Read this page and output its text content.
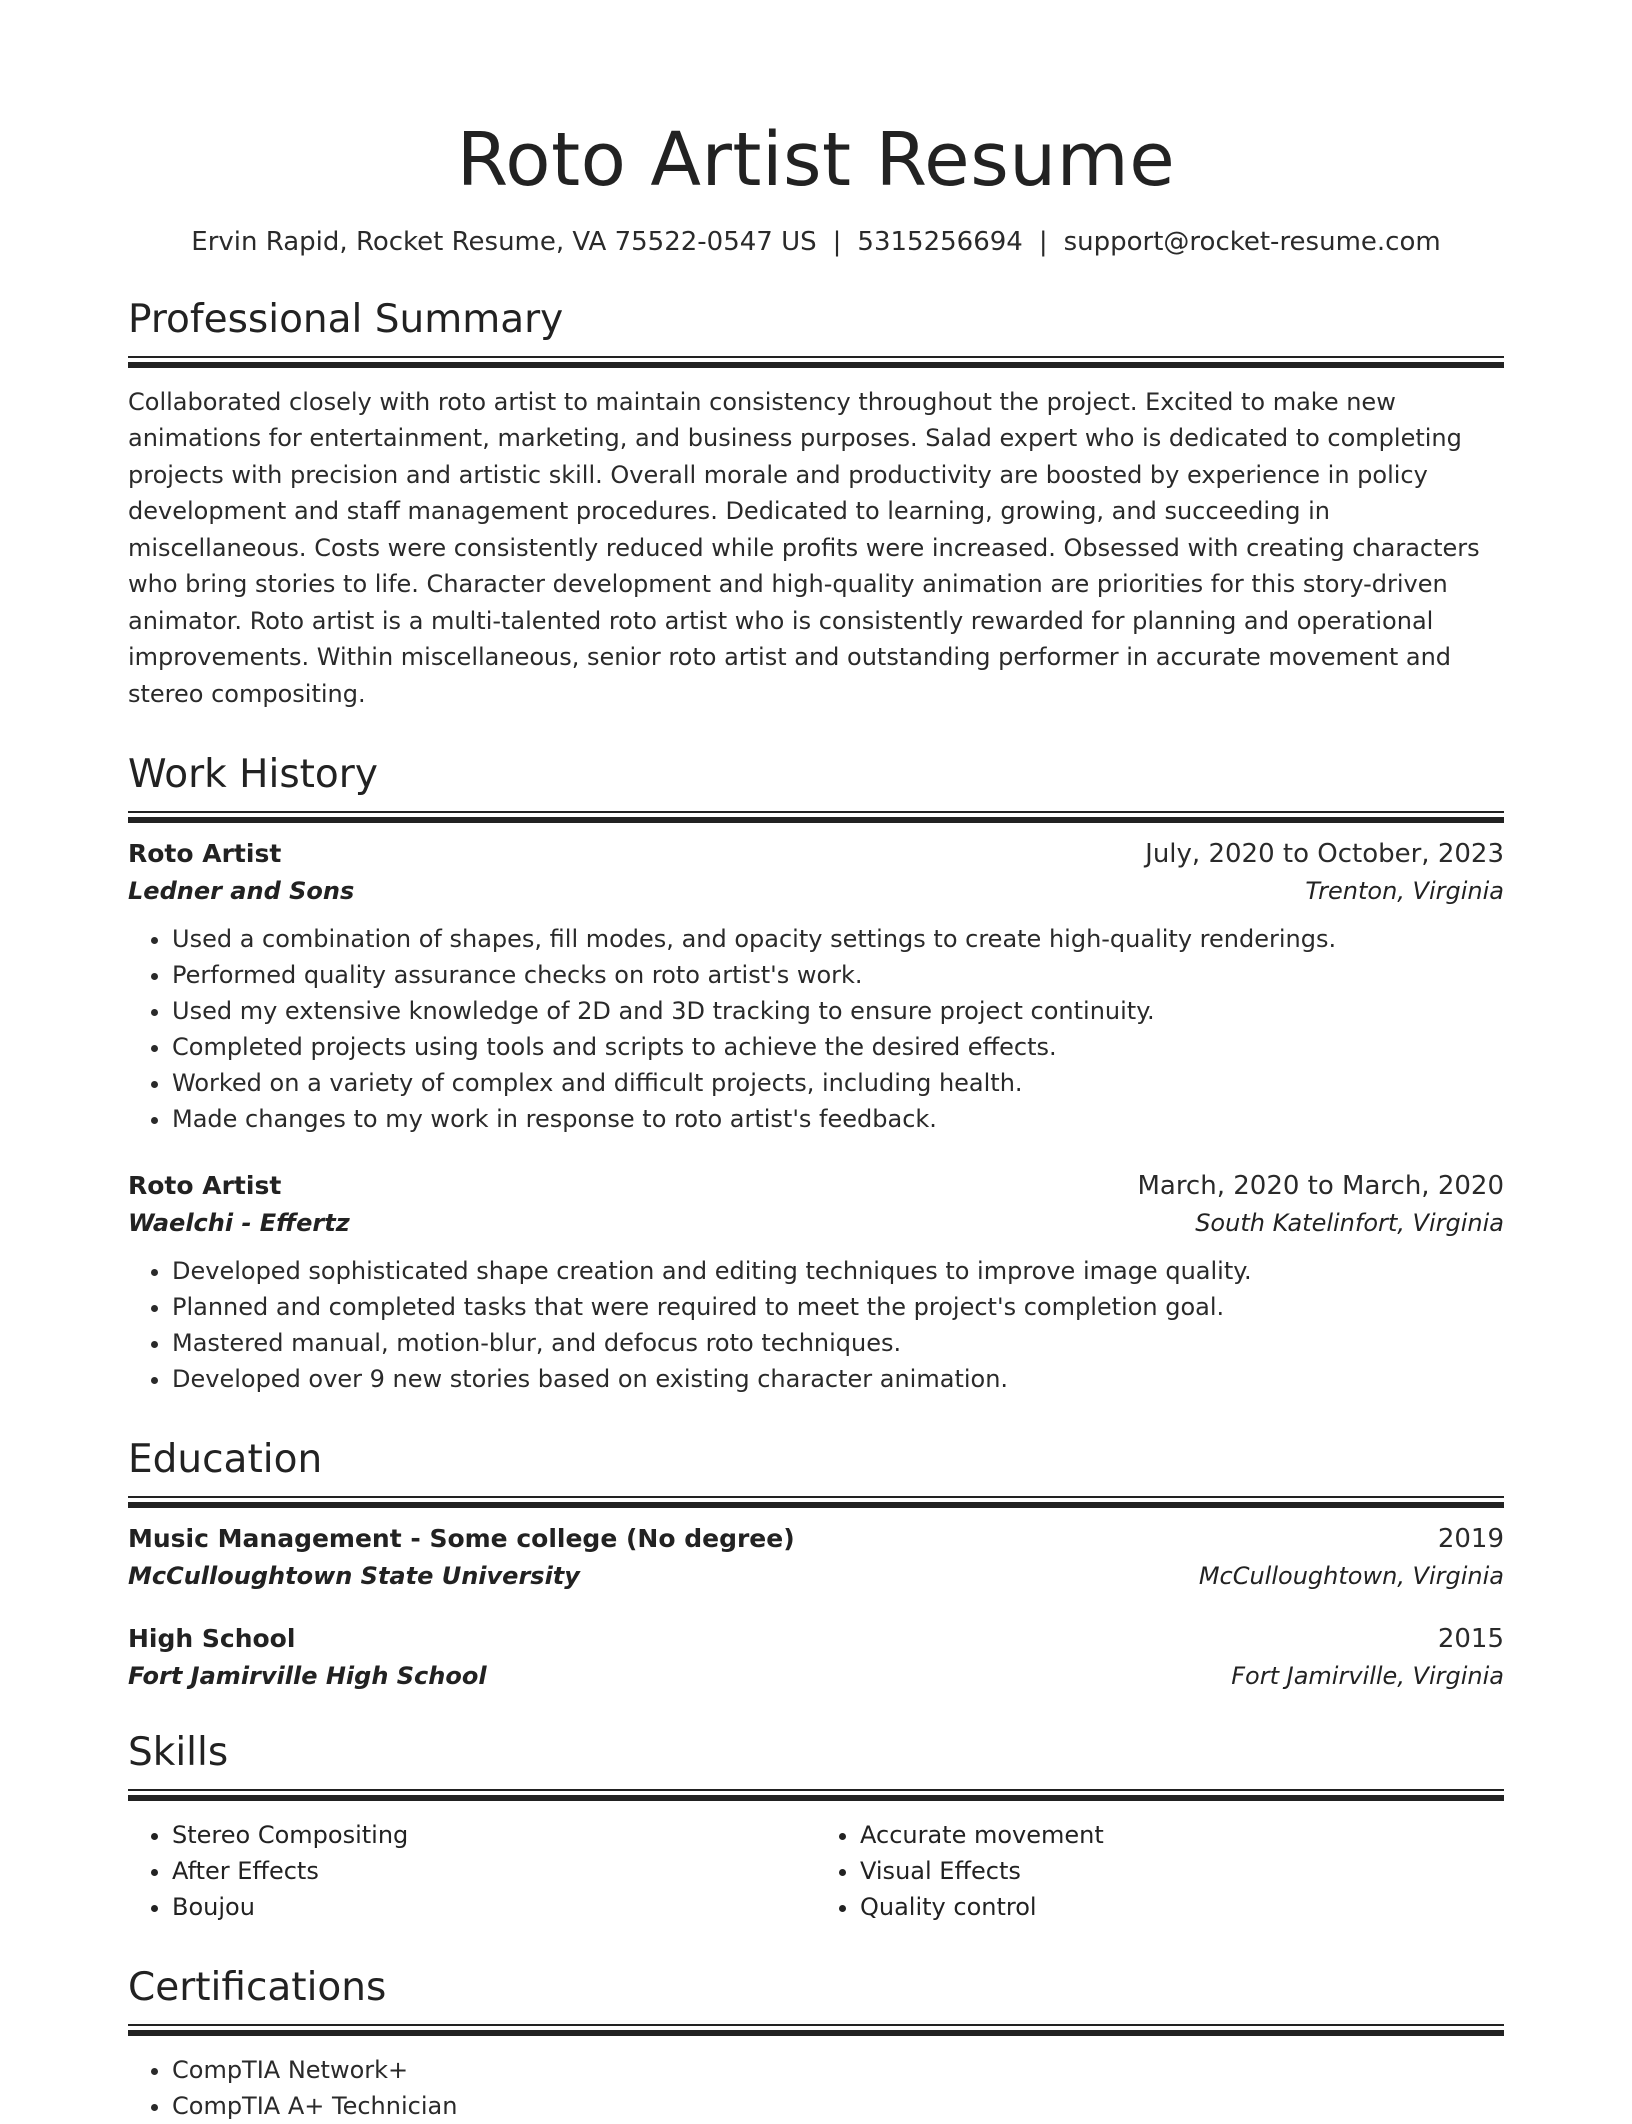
Roto Artist Resume
Ervin Rapid, Rocket Resume, VA 75522-0547 US | 5315256694 | support@rocket-resume.com
Professional Summary
Collaborated closely with roto artist to maintain consistency throughout the project. Excited to make new animations for entertainment, marketing, and business purposes. Salad expert who is dedicated to completing projects with precision and artistic skill. Overall morale and productivity are boosted by experience in policy development and staff management procedures. Dedicated to learning, growing, and succeeding in miscellaneous. Costs were consistently reduced while profits were increased. Obsessed with creating characters who bring stories to life. Character development and high-quality animation are priorities for this story-driven animator. Roto artist is a multi-talented roto artist who is consistently rewarded for planning and operational improvements. Within miscellaneous, senior roto artist and outstanding performer in accurate movement and stereo compositing.
Work History
Roto Artist	July, 2020 to October, 2023
Ledner and Sons	Trenton, Virginia
• Used a combination of shapes, fill modes, and opacity settings to create high-quality renderings.
• Performed quality assurance checks on roto artist's work.
• Used my extensive knowledge of 2D and 3D tracking to ensure project continuity.
• Completed projects using tools and scripts to achieve the desired effects.
• Worked on a variety of complex and difficult projects, including health.
• Made changes to my work in response to roto artist's feedback.
Roto Artist	March, 2020 to March, 2020
Waelchi - Effertz	South Katelinfort, Virginia
• Developed sophisticated shape creation and editing techniques to improve image quality.
• Planned and completed tasks that were required to meet the project's completion goal.
• Mastered manual, motion-blur, and defocus roto techniques.
• Developed over 9 new stories based on existing character animation.
Education
Music Management - Some college (No degree)	2019
McCulloughtown State University	McCulloughtown, Virginia
High School	2015
Fort Jamirville High School	Fort Jamirville, Virginia
Skills
• Stereo Compositing
• After Effects
• Boujou
• Accurate movement
• Visual Effects
• Quality control
Certifications
• CompTIA Network+
• CompTIA A+ Technician
